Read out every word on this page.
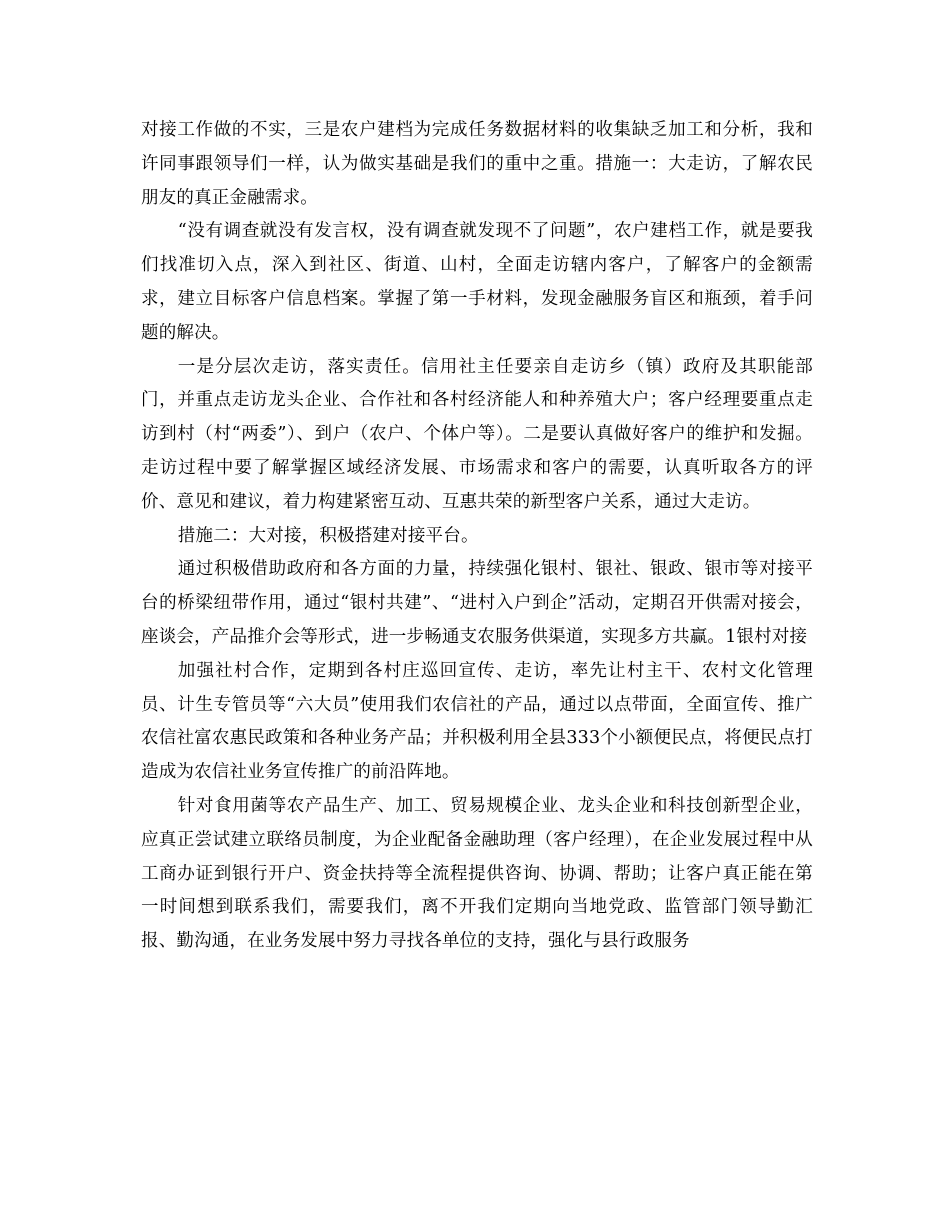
对接工作做的不实，三是农户建档为完成任务数据材料的收集缺乏加工和分析，我和许同事跟领导们一样，认为做实基础是我们的重中之重。措施一：大走访，了解农民朋友的真正金融需求。

“没有调查就没有发言权，没有调查就发现不了问题”，农户建档工作，就是要我们找准切入点，深入到社区、街道、山村，全面走访辖内客户，了解客户的金额需求，建立目标客户信息档案。掌握了第一手材料，发现金融服务盲区和瓶颈，着手问题的解决。

一是分层次走访，落实责任。信用社主任要亲自走访乡（镇）政府及其职能部门，并重点走访龙头企业、合作社和各村经济能人和种养殖大户；客户经理要重点走访到村（村“两委”）、到户（农户、个体户等）。二是要认真做好客户的维护和发掘。走访过程中要了解掌握区域经济发展、市场需求和客户的需要，认真听取各方的评价、意见和建议，着力构建紧密互动、互惠共荣的新型客户关系，通过大走访。

措施二：大对接，积极搭建对接平台。

通过积极借助政府和各方面的力量，持续强化银村、银社、银政、银市等对接平台的桥梁纽带作用，通过“银村共建”、“进村入户到企”活动，定期召开供需对接会，座谈会，产品推介会等形式，进一步畅通支农服务供渠道，实现多方共赢。1银村对接

加强社村合作，定期到各村庄巡回宣传、走访，率先让村主干、农村文化管理员、计生专管员等“六大员”使用我们农信社的产品，通过以点带面，全面宣传、推广农信社富农惠民政策和各种业务产品；并积极利用全县333个小额便民点，将便民点打造成为农信社业务宣传推广的前沿阵地。

针对食用菌等农产品生产、加工、贸易规模企业、龙头企业和科技创新型企业，应真正尝试建立联络员制度，为企业配备金融助理（客户经理），在企业发展过程中从工商办证到银行开户、资金扶持等全流程提供咨询、协调、帮助；让客户真正能在第一时间想到联系我们，需要我们，离不开我们定期向当地党政、监管部门领导勤汇报、勤沟通，在业务发展中努力寻找各单位的支持，强化与县行政服务
